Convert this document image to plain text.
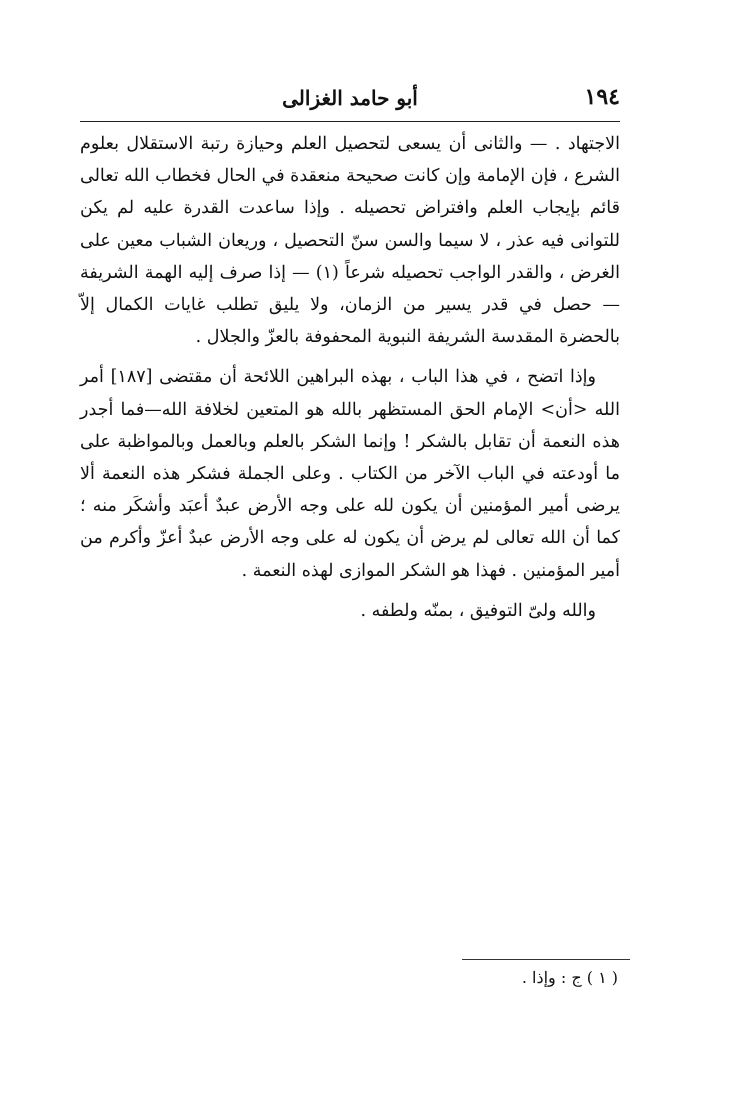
١٩٤
أبو حامد الغزالى

الاجتهاد . — والثانى أن يسعى لتحصيل العلم وحيازة رتبة الاستقلال بعلوم الشرع ، فإن الإمامة وإن كانت صحيحة منعقدة في الحال فخطاب الله تعالى قائم بإيجاب العلم وافتراض تحصيله . وإذا ساعدت القدرة عليه لم يكن للتوانى فيه عذر ، لا سيما والسن سنّ التحصيل ، وريعان الشباب معين على الغرض ، والقدر الواجب تحصيله شرعاً (١) — إذا صرف إليه الهمة الشريفة — حصل في قدر يسير من الزمان، ولا يليق تطلب غايات الكمال إلاّ بالحضرة المقدسة الشريفة النبوية المحفوفة بالعزّ والجلال .

وإذا اتضح ، في هذا الباب ، بهذه البراهين اللائحة أن مقتضى [١٨٧] أمر الله <أن> الإمام الحق المستظهر بالله هو المتعين لخلافة الله—فما أجدر هذه النعمة أن تقابل بالشكر ! وإنما الشكر بالعلم وبالعمل وبالمواظبة على ما أودعته في الباب الآخر من الكتاب . وعلى الجملة فشكر هذه النعمة ألا يرضى أمير المؤمنين أن يكون لله على وجه الأرض عبدٌ أعبَد وأشكَر منه ؛ كما أن الله تعالى لم يرض أن يكون له على وجه الأرض عبدٌ أعزّ وأكرم من أمير المؤمنين . فهذا هو الشكر الموازى لهذه النعمة .

والله ولىّ التوفيق ، بمنّه ولطفه .

( ١ ) ج : وإذا .
